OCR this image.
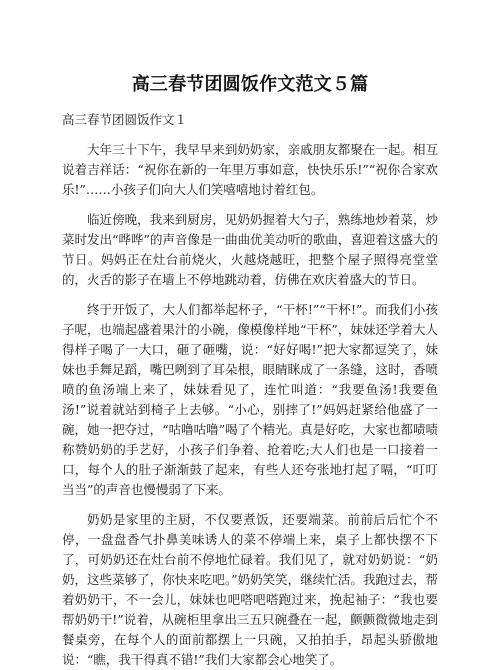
高三春节团圆饭作文范文５篇

高三春节团圆饭作文１

大年三十下午，我早早来到奶奶家，亲戚朋友都聚在一起。相互说着吉祥话：“祝你在新的一年里万事如意，快快乐乐!”“祝你合家欢乐!”……小孩子们向大人们笑嘻嘻地讨着红包。

临近傍晚，我来到厨房，见奶奶握着大勺子，熟练地炒着菜，炒菜时发出“哗哗”的声音像是一曲曲优美动听的歌曲，喜迎着这盛大的节日。妈妈正在灶台前烧火，火越烧越旺，把整个屋子照得亮堂堂的，火舌的影子在墙上不停地跳动着，仿佛在欢庆着盛大的节日。

终于开饭了，大人们都举起杯子，“干杯!”“干杯!”。而我们小孩子呢，也端起盛着果汁的小碗，像模像样地“干杯”，妹妹还学着大人得样子喝了一大口，砸了砸嘴，说：“好好喝!”把大家都逗笑了，妹妹也手舞足蹈，嘴巴咧到了耳朵根，眼睛眯成了一条缝，这时，香喷喷的鱼汤端上来了，妹妹看见了，连忙叫道：“我要鱼汤!我要鱼汤!”说着就站到椅子上去够。“小心，别摔了!”妈妈赶紧给他盛了一碗，她一把夺过，“咕噜咕噜”喝了个精光。真是好吃，大家也都啧啧称赞奶奶的手艺好，小孩子们争着、抢着吃;大人们也是一口接着一口，每个人的肚子渐渐鼓了起来，有些人还夸张地打起了嗝，“叮叮当当”的声音也慢慢弱了下来。

奶奶是家里的主厨，不仅要煮饭，还要端菜。前前后后忙个不停，一盘盘香气扑鼻美味诱人的菜不停端上来，桌子上都快摆不下了，可奶奶还在灶台前不停地忙碌着。我们见了，就对奶奶说：“奶奶，这些菜够了，你快来吃吧。”奶奶笑笑，继续忙活。我跑过去，帮着奶奶干，不一会儿，妹妹也吧嗒吧嗒跑过来，挽起袖子：“我也要帮奶奶干!”说着，从碗柜里拿出三五只碗叠在一起，颤颤微微地走到餐桌旁，在每个人的面前都摆上一只碗，又拍拍手，昂起头骄傲地说：“瞧，我干得真不错!”我们大家都会心地笑了。
